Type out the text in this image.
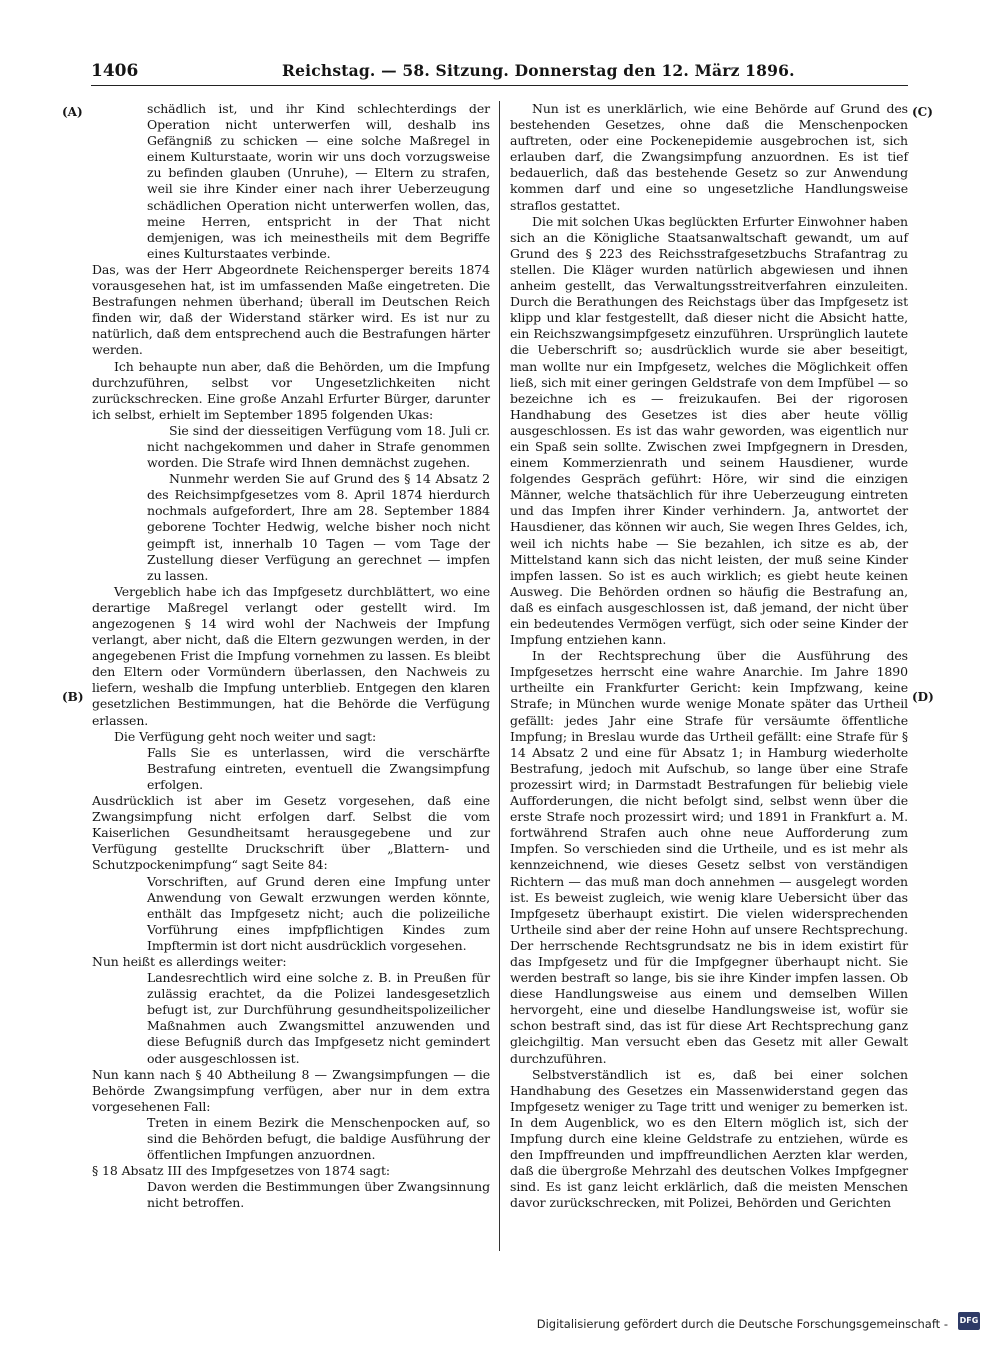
1406	Reichstag. — 58. Sitzung. Donnerstag den 12. März 1896.
(A)
(B)
(C)
(D)

schädlich ist, und ihr Kind schlechterdings der Operation nicht unterwerfen will, deshalb ins Gefängniß zu schicken — eine solche Maßregel in einem Kulturstaate, worin wir uns doch vorzugsweise zu befinden glauben (Unruhe), — Eltern zu strafen, weil sie ihre Kinder einer nach ihrer Ueberzeugung schädlichen Operation nicht unterwerfen wollen, das, meine Herren, entspricht in der That nicht demjenigen, was ich meinestheils mit dem Begriffe eines Kulturstaates verbinde.

Das, was der Herr Abgeordnete Reichensperger bereits 1874 vorausgesehen hat, ist im umfassenden Maße eingetreten. Die Bestrafungen nehmen überhand; überall im Deutschen Reich finden wir, daß der Widerstand stärker wird. Es ist nur zu natürlich, daß dem entsprechend auch die Bestrafungen härter werden.

Ich behaupte nun aber, daß die Behörden, um die Impfung durchzuführen, selbst vor Ungesetzlichkeiten nicht zurückschrecken. Eine große Anzahl Erfurter Bürger, darunter ich selbst, erhielt im September 1895 folgenden Ukas:

Sie sind der diesseitigen Verfügung vom 18. Juli cr. nicht nachgekommen und daher in Strafe genommen worden. Die Strafe wird Ihnen demnächst zugehen.

Nunmehr werden Sie auf Grund des § 14 Absatz 2 des Reichsimpfgesetzes vom 8. April 1874 hierdurch nochmals aufgefordert, Ihre am 28. September 1884 geborene Tochter Hedwig, welche bisher noch nicht geimpft ist, innerhalb 10 Tagen — vom Tage der Zustellung dieser Verfügung an gerechnet — impfen zu lassen.

Vergeblich habe ich das Impfgesetz durchblättert, wo eine derartige Maßregel verlangt oder gestellt wird. Im angezogenen § 14 wird wohl der Nachweis der Impfung verlangt, aber nicht, daß die Eltern gezwungen werden, in der angegebenen Frist die Impfung vornehmen zu lassen. Es bleibt den Eltern oder Vormündern überlassen, den Nachweis zu liefern, weshalb die Impfung unterblieb. Entgegen den klaren gesetzlichen Bestimmungen, hat die Behörde die Verfügung erlassen.

Die Verfügung geht noch weiter und sagt:

Falls Sie es unterlassen, wird die verschärfte Bestrafung eintreten, eventuell die Zwangsimpfung erfolgen.

Ausdrücklich ist aber im Gesetz vorgesehen, daß eine Zwangsimpfung nicht erfolgen darf. Selbst die vom Kaiserlichen Gesundheitsamt herausgegebene und zur Verfügung gestellte Druckschrift über „Blattern- und Schutzpockenimpfung“ sagt Seite 84:

Vorschriften, auf Grund deren eine Impfung unter Anwendung von Gewalt erzwungen werden könnte, enthält das Impfgesetz nicht; auch die polizeiliche Vorführung eines impfpflichtigen Kindes zum Impftermin ist dort nicht ausdrücklich vorgesehen.

Nun heißt es allerdings weiter:

Landesrechtlich wird eine solche z. B. in Preußen für zulässig erachtet, da die Polizei landesgesetzlich befugt ist, zur Durchführung gesundheitspolizeilicher Maßnahmen auch Zwangsmittel anzuwenden und diese Befugniß durch das Impfgesetz nicht gemindert oder ausgeschlossen ist.

Nun kann nach § 40 Abtheilung 8 — Zwangsimpfungen — die Behörde Zwangsimpfung verfügen, aber nur in dem extra vorgesehenen Fall:

Treten in einem Bezirk die Menschenpocken auf, so sind die Behörden befugt, die baldige Ausführung der öffentlichen Impfungen anzuordnen.

§ 18 Absatz III des Impfgesetzes von 1874 sagt:

Davon werden die Bestimmungen über Zwangsinnung nicht betroffen.

Nun ist es unerklärlich, wie eine Behörde auf Grund des bestehenden Gesetzes, ohne daß die Menschenpocken auftreten, oder eine Pockenepidemie ausgebrochen ist, sich erlauben darf, die Zwangsimpfung anzuordnen. Es ist tief bedauerlich, daß das bestehende Gesetz so zur Anwendung kommen darf und eine so ungesetzliche Handlungsweise straflos gestattet.

Die mit solchen Ukas beglückten Erfurter Einwohner haben sich an die Königliche Staatsanwaltschaft gewandt, um auf Grund des § 223 des Reichsstrafgesetzbuchs Strafantrag zu stellen. Die Kläger wurden natürlich abgewiesen und ihnen anheim gestellt, das Verwaltungsstreitverfahren einzuleiten. Durch die Berathungen des Reichstags über das Impfgesetz ist klipp und klar festgestellt, daß dieser nicht die Absicht hatte, ein Reichszwangsimpfgesetz einzuführen. Ursprünglich lautete die Ueberschrift so; ausdrücklich wurde sie aber beseitigt, man wollte nur ein Impfgesetz, welches die Möglichkeit offen ließ, sich mit einer geringen Geldstrafe von dem Impfübel — so bezeichne ich es — freizukaufen. Bei der rigorosen Handhabung des Gesetzes ist dies aber heute völlig ausgeschlossen. Es ist das wahr geworden, was eigentlich nur ein Spaß sein sollte. Zwischen zwei Impfgegnern in Dresden, einem Kommerzienrath und seinem Hausdiener, wurde folgendes Gespräch geführt: Höre, wir sind die einzigen Männer, welche thatsächlich für ihre Ueberzeugung eintreten und das Impfen ihrer Kinder verhindern. Ja, antwortet der Hausdiener, das können wir auch, Sie wegen Ihres Geldes, ich, weil ich nichts habe — Sie bezahlen, ich sitze es ab, der Mittelstand kann sich das nicht leisten, der muß seine Kinder impfen lassen. So ist es auch wirklich; es giebt heute keinen Ausweg. Die Behörden ordnen so häufig die Bestrafung an, daß es einfach ausgeschlossen ist, daß jemand, der nicht über ein bedeutendes Vermögen verfügt, sich oder seine Kinder der Impfung entziehen kann.

In der Rechtsprechung über die Ausführung des Impfgesetzes herrscht eine wahre Anarchie. Im Jahre 1890 urtheilte ein Frankfurter Gericht: kein Impfzwang, keine Strafe; in München wurde wenige Monate später das Urtheil gefällt: jedes Jahr eine Strafe für versäumte öffentliche Impfung; in Breslau wurde das Urtheil gefällt: eine Strafe für § 14 Absatz 2 und eine für Absatz 1; in Hamburg wiederholte Bestrafung, jedoch mit Aufschub, so lange über eine Strafe prozessirt wird; in Darmstadt Bestrafungen für beliebig viele Aufforderungen, die nicht befolgt sind, selbst wenn über die erste Strafe noch prozessirt wird; und 1891 in Frankfurt a. M. fortwährend Strafen auch ohne neue Aufforderung zum Impfen. So verschieden sind die Urtheile, und es ist mehr als kennzeichnend, wie dieses Gesetz selbst von verständigen Richtern — das muß man doch annehmen — ausgelegt worden ist. Es beweist zugleich, wie wenig klare Uebersicht über das Impfgesetz überhaupt existirt. Die vielen widersprechenden Urtheile sind aber der reine Hohn auf unsere Rechtsprechung. Der herrschende Rechtsgrundsatz ne bis in idem existirt für das Impfgesetz und für die Impfgegner überhaupt nicht. Sie werden bestraft so lange, bis sie ihre Kinder impfen lassen. Ob diese Handlungsweise aus einem und demselben Willen hervorgeht, eine und dieselbe Handlungsweise ist, wofür sie schon bestraft sind, das ist für diese Art Rechtsprechung ganz gleichgiltig. Man versucht eben das Gesetz mit aller Gewalt durchzuführen.

Selbstverständlich ist es, daß bei einer solchen Handhabung des Gesetzes ein Massenwiderstand gegen das Impfgesetz weniger zu Tage tritt und weniger zu bemerken ist. In dem Augenblick, wo es den Eltern möglich ist, sich der Impfung durch eine kleine Geldstrafe zu entziehen, würde es den Impffreunden und impffreundlichen Aerzten klar werden, daß die übergroße Mehrzahl des deutschen Volkes Impfgegner sind. Es ist ganz leicht erklärlich, daß die meisten Menschen davor zurückschrecken, mit Polizei, Behörden und Gerichten

Digitalisierung gefördert durch die Deutsche Forschungsgemeinschaft - DFG
